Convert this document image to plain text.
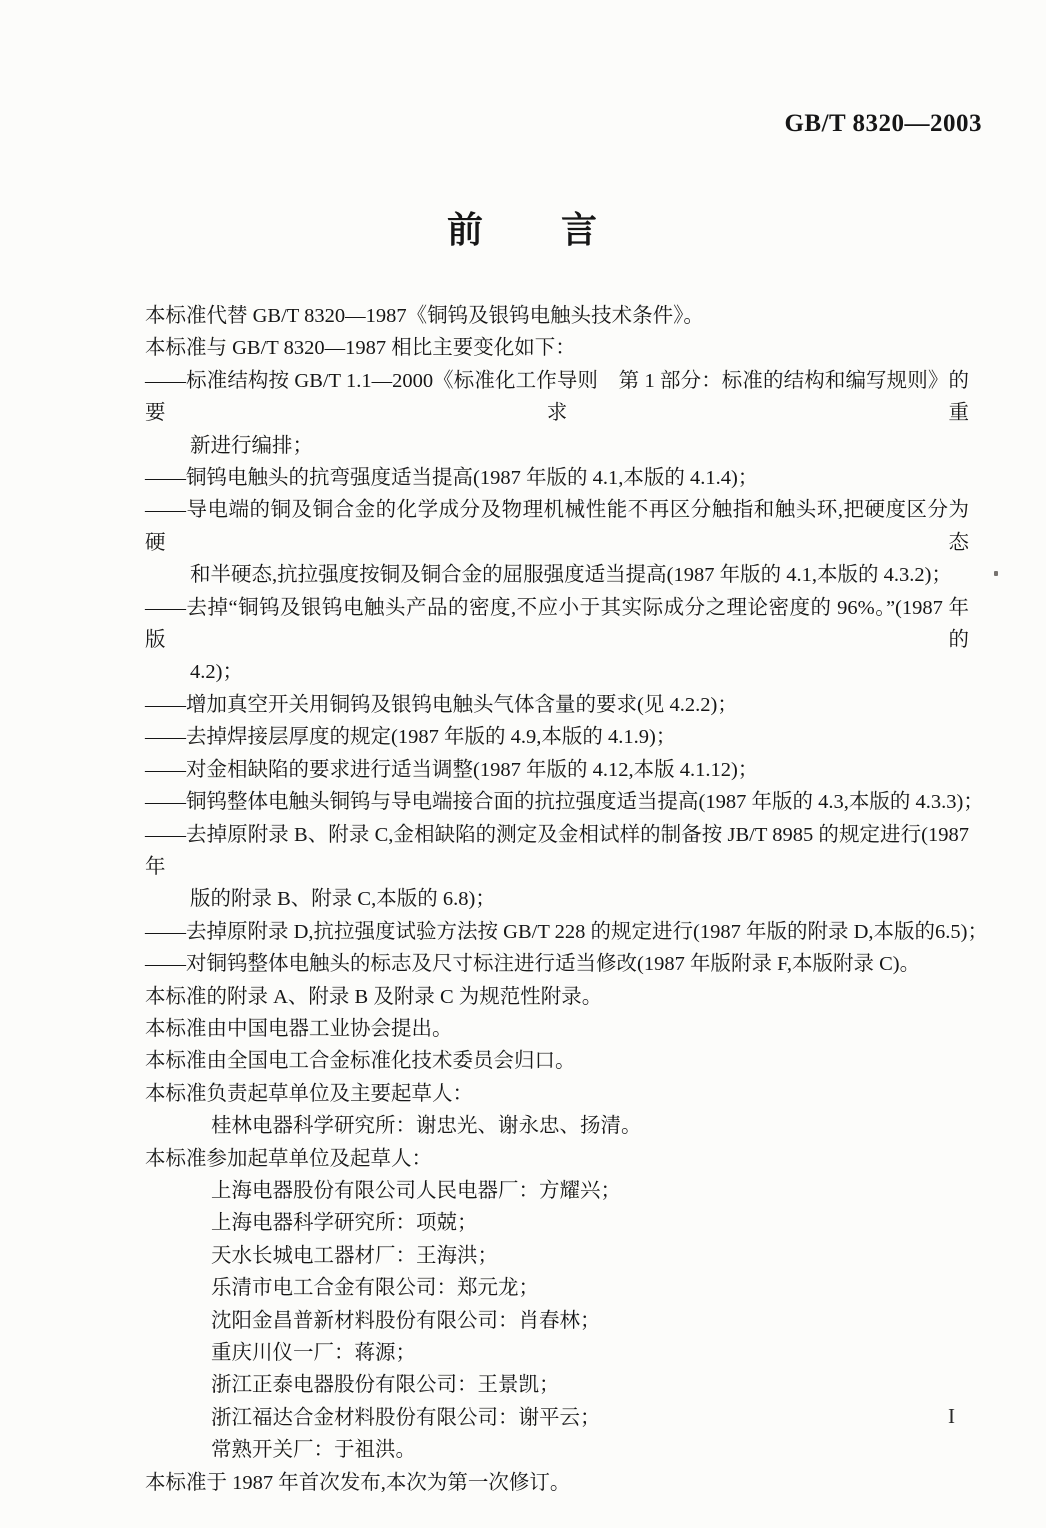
GB/T 8320—2003
前　　言
本标准代替 GB/T 8320—1987《铜钨及银钨电触头技术条件》。
本标准与 GB/T 8320—1987 相比主要变化如下：
——标准结构按 GB/T 1.1—2000《标准化工作导则　第 1 部分：标准的结构和编写规则》的要求重
新进行编排；
——铜钨电触头的抗弯强度适当提高(1987 年版的 4.1,本版的 4.1.4)；
——导电端的铜及铜合金的化学成分及物理机械性能不再区分触指和触头环,把硬度区分为硬态
和半硬态,抗拉强度按铜及铜合金的屈服强度适当提高(1987 年版的 4.1,本版的 4.3.2)；
——去掉“铜钨及银钨电触头产品的密度,不应小于其实际成分之理论密度的 96%。”(1987 年版的
4.2)；
——增加真空开关用铜钨及银钨电触头气体含量的要求(见 4.2.2)；
——去掉焊接层厚度的规定(1987 年版的 4.9,本版的 4.1.9)；
——对金相缺陷的要求进行适当调整(1987 年版的 4.12,本版 4.1.12)；
——铜钨整体电触头铜钨与导电端接合面的抗拉强度适当提高(1987 年版的 4.3,本版的 4.3.3)；
——去掉原附录 B、附录 C,金相缺陷的测定及金相试样的制备按 JB/T 8985 的规定进行(1987 年
版的附录 B、附录 C,本版的 6.8)；
——去掉原附录 D,抗拉强度试验方法按 GB/T 228 的规定进行(1987 年版的附录 D,本版的6.5)；
——对铜钨整体电触头的标志及尺寸标注进行适当修改(1987 年版附录 F,本版附录 C)。
本标准的附录 A、附录 B 及附录 C 为规范性附录。
本标准由中国电器工业协会提出。
本标准由全国电工合金标准化技术委员会归口。
本标准负责起草单位及主要起草人：
桂林电器科学研究所：谢忠光、谢永忠、扬清。
本标准参加起草单位及起草人：
上海电器股份有限公司人民电器厂：方耀兴；
上海电器科学研究所：项兢；
天水长城电工器材厂：王海洪；
乐清市电工合金有限公司：郑元龙；
沈阳金昌普新材料股份有限公司：肖春林；
重庆川仪一厂：蒋源；
浙江正泰电器股份有限公司：王景凯；
浙江福达合金材料股份有限公司：谢平云；
常熟开关厂：于祖洪。
本标准于 1987 年首次发布,本次为第一次修订。
I
